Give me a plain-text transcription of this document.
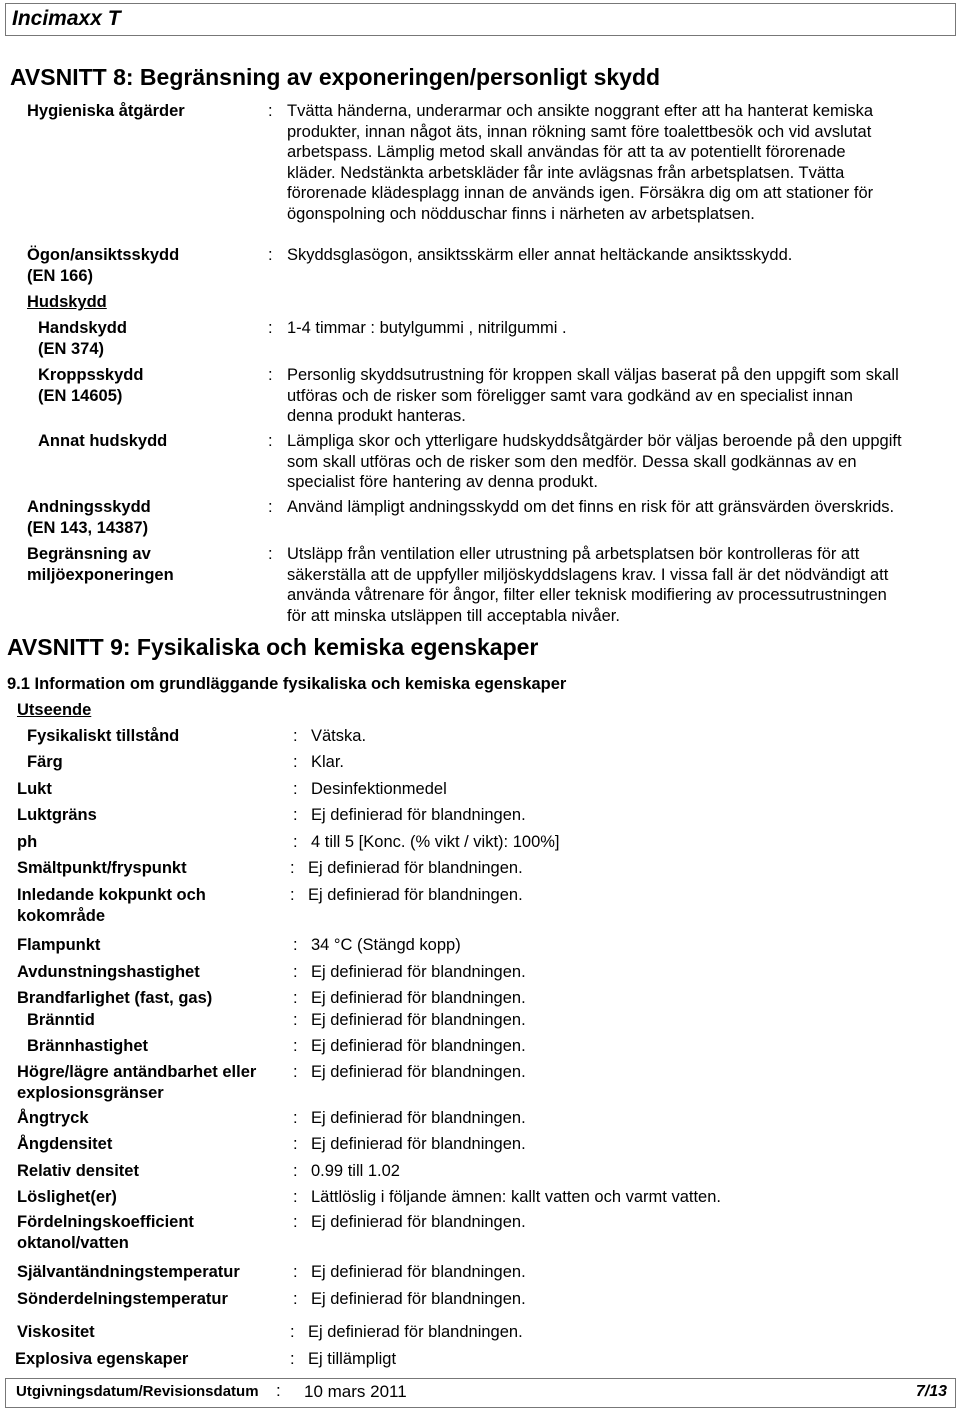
Incimaxx T
AVSNITT 8: Begränsning av exponeringen/personligt skydd
Hygieniska åtgärder	: Tvätta händerna, underarmar och ansikte noggrant efter att ha hanterat kemiska
produkter, innan något äts, innan rökning samt före toalettbesök och vid avslutat
arbetspass. Lämplig metod skall användas för att ta av potentiellt förorenade
kläder. Nedstänkta arbetskläder får inte avlägsnas från arbetsplatsen. Tvätta
förorenade klädesplagg innan de används igen. Försäkra dig om att stationer för
ögonspolning och nödduschar finns i närheten av arbetsplatsen.
Ögon/ansiktsskydd
(EN 166)
: Skyddsglasögon, ansiktsskärm eller annat heltäckande ansiktsskydd.
Hudskydd
Handskydd
(EN 374)
: 1-4 timmar : butylgummi , nitrilgummi .
Kroppsskydd
(EN 14605)
: Personlig skyddsutrustning för kroppen skall väljas baserat på den uppgift som skall
utföras och de risker som föreligger samt vara godkänd av en specialist innan
denna produkt hanteras.
Annat hudskydd	: Lämpliga skor och ytterligare hudskyddsåtgärder bör väljas beroende på den uppgift
som skall utföras och de risker som den medför. Dessa skall godkännas av en
specialist före hantering av denna produkt.
Andningsskydd
(EN 143, 14387)
: Använd lämpligt andningsskydd om det finns en risk för att gränsvärden överskrids.
Begränsning av
miljöexponeringen
: Utsläpp från ventilation eller utrustning på arbetsplatsen bör kontrolleras för att
säkerställa att de uppfyller miljöskyddslagens krav. I vissa fall är det nödvändigt att
använda våtrenare för ångor, filter eller teknisk modifiering av processutrustningen
för att minska utsläppen till acceptabla nivåer.
AVSNITT 9: Fysikaliska och kemiska egenskaper
9.1 Information om grundläggande fysikaliska och kemiska egenskaper
Utseende
Fysikaliskt tillstånd	: Vätska.
Färg	: Klar.
Lukt	: Desinfektionmedel
Luktgräns	: Ej definierad för blandningen.
ph	: 4 till 5 [Konc. (% vikt / vikt): 100%]
Smältpunkt/fryspunkt	: Ej definierad för blandningen.
Inledande kokpunkt och
kokområde
: Ej definierad för blandningen.
Flampunkt	: 34 °C (Stängd kopp)
Avdunstningshastighet	: Ej definierad för blandningen.
Brandfarlighet (fast, gas)	: Ej definierad för blandningen.
Bränntid	: Ej definierad för blandningen.
Brännhastighet	: Ej definierad för blandningen.
Högre/lägre antändbarhet eller
explosionsgränser
: Ej definierad för blandningen.
Ångtryck	: Ej definierad för blandningen.
Ångdensitet	: Ej definierad för blandningen.
Relativ densitet	: 0.99 till 1.02
Löslighet(er)	: Lättlöslig i följande ämnen: kallt vatten och varmt vatten.
Fördelningskoefficient
oktanol/vatten
: Ej definierad för blandningen.
Självantändningstemperatur	: Ej definierad för blandningen.
Sönderdelningstemperatur	: Ej definierad för blandningen.
Viskositet	: Ej definierad för blandningen.
Explosiva egenskaper	: Ej tillämpligt
Utgivningsdatum/Revisionsdatum : 10 mars 2011	7/13
